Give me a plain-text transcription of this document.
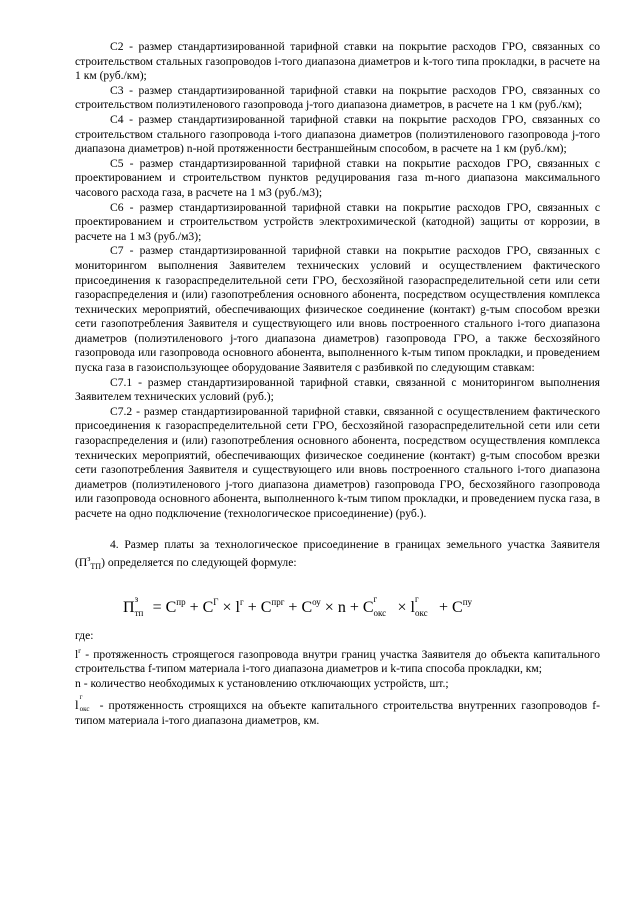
С2 - размер стандартизированной тарифной ставки на покрытие расходов ГРО, связанных со строительством стальных газопроводов i-того диапазона диаметров и k-того типа прокладки, в расчете на 1 км (руб./км);

С3 - размер стандартизированной тарифной ставки на покрытие расходов ГРО, связанных со строительством полиэтиленового газопровода j-того диапазона диаметров, в расчете на 1 км (руб./км);

С4 - размер стандартизированной тарифной ставки на покрытие расходов ГРО, связанных со строительством стального газопровода i-того диапазона диаметров (полиэтиленового газопровода j-того диапазона диаметров) n-ной протяженности бестраншейным способом, в расчете на 1 км (руб./км);

С5 - размер стандартизированной тарифной ставки на покрытие расходов ГРО, связанных с проектированием и строительством пунктов редуцирования газа m-ного диапазона максимального часового расхода газа, в расчете на 1 м3 (руб./м3);

С6 - размер стандартизированной тарифной ставки на покрытие расходов ГРО, связанных с проектированием и строительством устройств электрохимической (катодной) защиты от коррозии, в расчете на 1 м3 (руб./м3);

С7 - размер стандартизированной тарифной ставки на покрытие расходов ГРО, связанных с мониторингом выполнения Заявителем технических условий и осуществлением фактического присоединения к газораспределительной сети ГРО, бесхозяйной газораспределительной сети или сети газораспределения и (или) газопотребления основного абонента, посредством осуществления комплекса технических мероприятий, обеспечивающих физическое соединение (контакт) g-тым способом врезки сети газопотребления Заявителя и существующего или вновь построенного стального i-того диапазона диаметров (полиэтиленового j-того диапазона диаметров) газопровода ГРО, а также бесхозяйного газопровода или газопровода основного абонента, выполненного k-тым типом прокладки, и проведением пуска газа в газоиспользующее оборудование Заявителя с разбивкой по следующим ставкам:

С7.1 - размер стандартизированной тарифной ставки, связанной с мониторингом выполнения Заявителем технических условий (руб.);

С7.2 - размер стандартизированной тарифной ставки, связанной с осуществлением фактического присоединения к газораспределительной сети ГРО, бесхозяйной газораспределительной сети или сети газораспределения и (или) газопотребления основного абонента, посредством осуществления комплекса технических мероприятий, обеспечивающих физическое соединение (контакт) g-тым способом врезки сети газопотребления Заявителя и существующего или вновь построенного стального i-того диапазона диаметров (полиэтиленового j-того диапазона диаметров) газопровода ГРО, бесхозяйного газопровода или газопровода основного абонента, выполненного k-тым типом прокладки, и проведением пуска газа, в расчете на одно подключение (технологическое присоединение) (руб.).

4. Размер платы за технологическое присоединение в границах земельного участка Заявителя $(П^з_{ТП})$ определяется по следующей формуле:

П з
тп = $C^{пр} + C^Г \times l^г + C^{прг} + C^{оу} \times n + C$ г
окс × l г
окс + $C^{пу}$

где:

$l^г$ - протяженность строящегося газопровода внутри границ участка Заявителя до объекта капитального строительства f-типом материала i-того диапазона диаметров и k-типа способа прокладки, км;

n - количество необходимых к установлению отключающих устройств, шт.;

l г
окс - протяженность строящихся на объекте капитального строительства внутренних газопроводов f-типом материала i-того диапазона диаметров, км.
